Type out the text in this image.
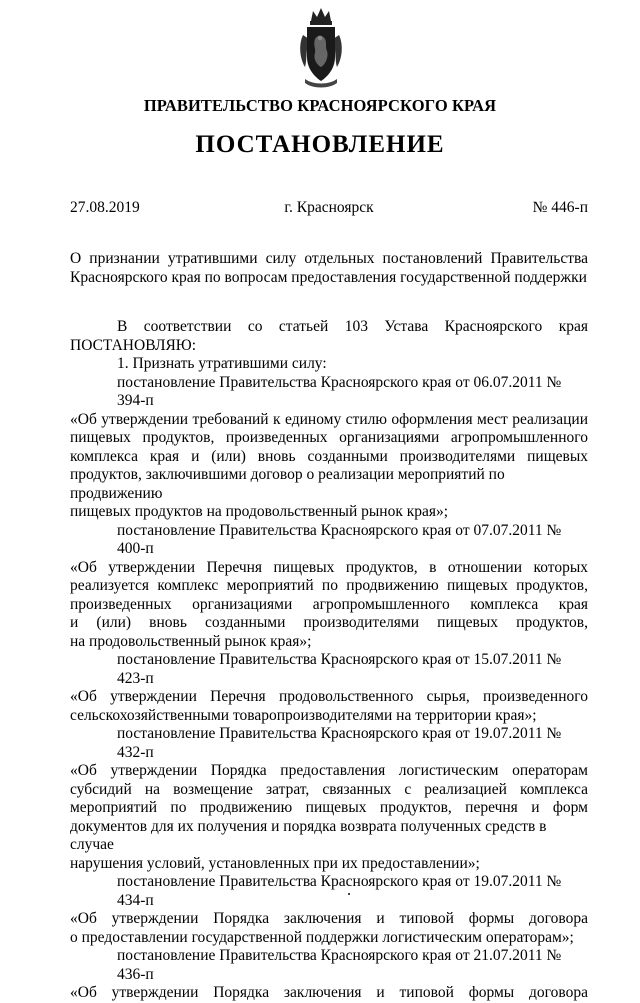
ПРАВИТЕЛЬСТВО КРАСНОЯРСКОГО КРАЯ
ПОСТАНОВЛЕНИЕ
г. Красноярск
27.08.2019	№ 446-п
О признании утратившими силу отдельных постановлений Правительства
Красноярского края по вопросам предоставления государственной поддержки
В соответствии со статьей 103 Устава Красноярского края
ПОСТАНОВЛЯЮ:
1. Признать утратившими силу:
постановление Правительства Красноярского края от 06.07.2011 № 394-п
«Об утверждении требований к единому стилю оформления мест реализации
пищевых продуктов, произведенных организациями агропромышленного
комплекса края и (или) вновь созданными производителями пищевых
продуктов, заключившими договор о реализации мероприятий по продвижению
пищевых продуктов на продовольственный рынок края»;
постановление Правительства Красноярского края от 07.07.2011 № 400-п
«Об утверждении Перечня пищевых продуктов, в отношении которых
реализуется комплекс мероприятий по продвижению пищевых продуктов,
произведенных организациями агропромышленного комплекса края
и (или) вновь созданными производителями пищевых продуктов,
на продовольственный рынок края»;
постановление Правительства Красноярского края от 15.07.2011 № 423-п
«Об утверждении Перечня продовольственного сырья, произведенного
сельскохозяйственными товаропроизводителями на территории края»;
постановление Правительства Красноярского края от 19.07.2011 № 432-п
«Об утверждении Порядка предоставления логистическим операторам
субсидий на возмещение затрат, связанных с реализацией комплекса
мероприятий по продвижению пищевых продуктов, перечня и форм
документов для их получения и порядка возврата полученных средств в случае
нарушения условий, установленных при их предоставлении»;
постановление Правительства Красноярского края от 19.07.2011 № 434-п
«Об утверждении Порядка заключения и типовой формы договора
о предоставлении государственной поддержки логистическим операторам»;
постановление Правительства Красноярского края от 21.07.2011 № 436-п
«Об утверждении Порядка заключения и типовой формы договора
